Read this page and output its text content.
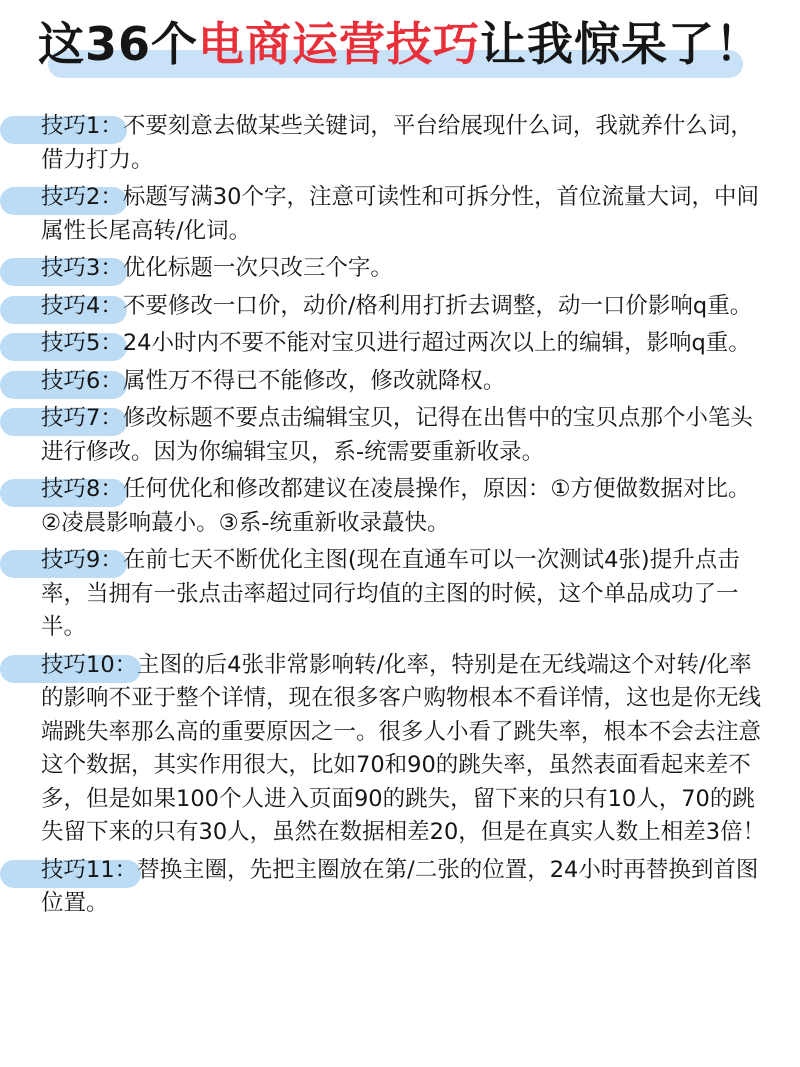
这36个电商运营技巧让我惊呆了！
技巧1：不要刻意去做某些关键词，平台给展现什么词，我就养什么词，借力打力。
技巧2：标题写满30个字，注意可读性和可拆分性，首位流量大词，中间属性长尾高转/化词。
技巧3：优化标题一次只改三个字。
技巧4：不要修改一口价，动价/格利用打折去调整，动一口价影响q重。
技巧5：24小时内不要不能对宝贝进行超过两次以上的编辑，影响q重。
技巧6：属性万不得已不能修改，修改就降权。
技巧7：修改标题不要点击编辑宝贝，记得在出售中的宝贝点那个小笔头进行修改。因为你编辑宝贝，系-统需要重新收录。
技巧8：任何优化和修改都建议在凌晨操作，原因：①方便做数据对比。②凌晨影响蕞小。③系-统重新收录蕞快。
技巧9：在前七天不断优化主图(现在直通车可以一次测试4张)提升点击率，当拥有一张点击率超过同行均值的主图的时候，这个单品成功了一半。
技巧10：主图的后4张非常影响转/化率，特别是在无线端这个对转/化率的影响不亚于整个详情，现在很多客户购物根本不看详情，这也是你无线端跳失率那么高的重要原因之一。很多人小看了跳失率，根本不会去注意这个数据，其实作用很大，比如70和90的跳失率，虽然表面看起来差不多，但是如果100个人进入页面90的跳失，留下来的只有10人，70的跳失留下来的只有30人，虽然在数据相差20，但是在真实人数上相差3倍！
技巧11：替换主圈，先把主圈放在第/二张的位置，24小时再替换到首图位置。
